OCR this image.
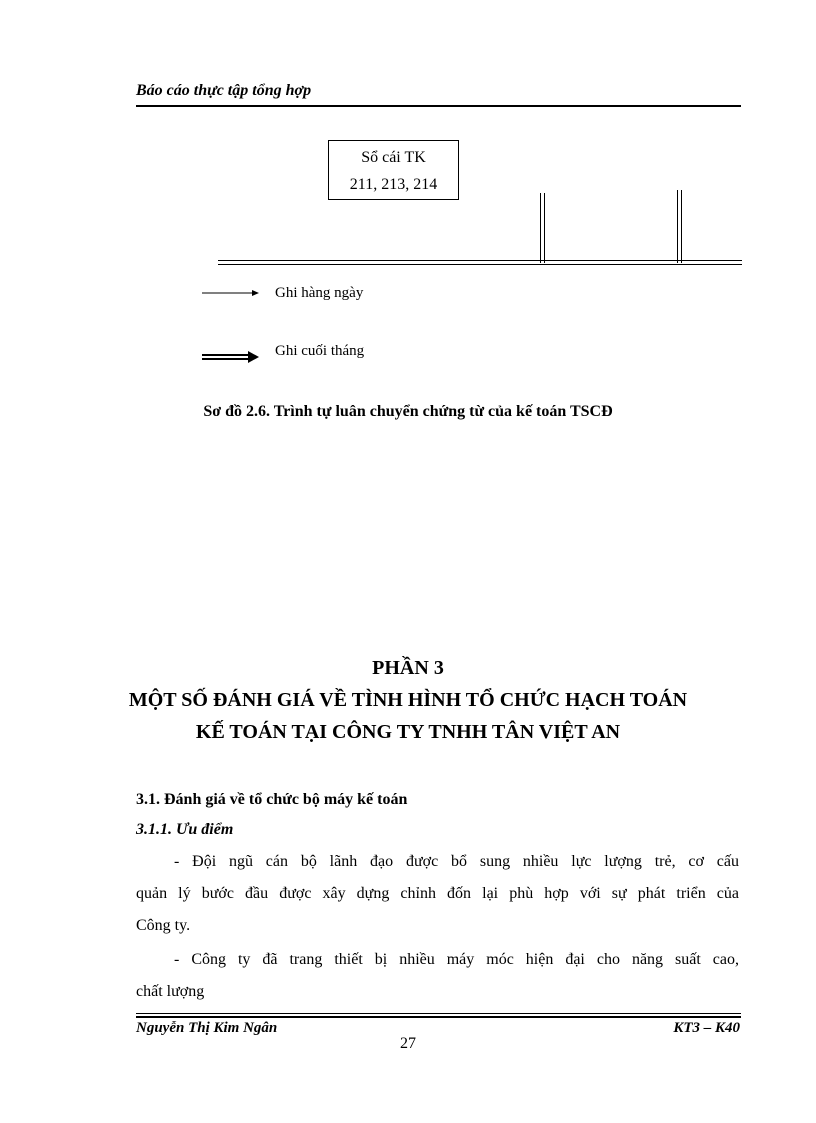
Báo cáo thực tập tổng hợp
Sổ cái TK
211, 213, 214
Ghi hàng ngày
Ghi cuối tháng
Sơ đồ 2.6. Trình tự luân chuyển chứng từ của kế toán TSCĐ
PHẦN 3
MỘT SỐ ĐÁNH GIÁ VỀ TÌNH HÌNH TỔ CHỨC HẠCH TOÁN
KẾ TOÁN TẠI CÔNG TY TNHH TÂN VIỆT AN
3.1. Đánh giá về tổ chức bộ máy kế toán
3.1.1. Ưu điểm
- Đội ngũ cán bộ lãnh đạo được bổ sung nhiều lực lượng trẻ, cơ cấu
quản lý bước đầu được xây dựng chỉnh đốn lại phù hợp với sự phát triển của
Công ty.
- Công ty đã trang thiết bị nhiều máy móc hiện đại cho năng suất cao,
chất lượng
Nguyễn Thị Kim Ngân	KT3 – K40
27
